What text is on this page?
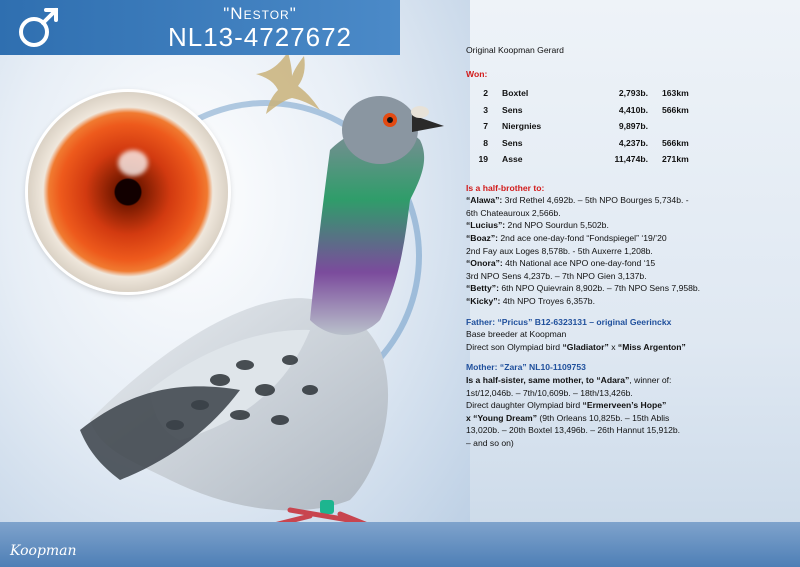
"Nestor"
NL13-4727672
Koopman

Original Koopman Gerard

Won:
2	Boxtel	2,793b.	163km
3	Sens	4,410b.	566km
7	Niergnies	9,897b.	
8	Sens	4,237b.	566km
19	Asse	11,474b.	271km
Is a half-brother to:

“Alawa”: 3rd Rethel 4,692b. – 5th NPO Bourges 5,734b. -

6th Chateauroux 2,566b.

“Lucius”: 2nd NPO Sourdun 5,502b.

“Boaz”: 2nd ace one-day-fond “Fondspiegel” ‘19/’20

2nd Fay aux Loges 8,578b. - 5th Auxerre 1,208b.

“Onora”: 4th National ace NPO one-day-fond ‘15

3rd NPO Sens 4,237b. – 7th NPO Gien 3,137b.

“Betty”: 6th NPO Quievrain 8,902b. – 7th NPO Sens 7,958b.

“Kicky”: 4th NPO Troyes 6,357b.

Father: “Pricus” B12-6323131 – original Geerinckx

Base breeder at Koopman

Direct son Olympiad bird “Gladiator” x “Miss Argenton”

Mother: “Zara” NL10-1109753

Is a half-sister, same mother, to “Adara”, winner of:

1st/12,046b. – 7th/10,609b. – 18th/13,426b.

Direct daughter Olympiad bird “Ermerveen’s Hope”

x “Young Dream” (9th Orleans 10,825b. – 15th Ablis

13,020b. – 20th Boxtel 13,496b. – 26th Hannut 15,912b.

– and so on)
